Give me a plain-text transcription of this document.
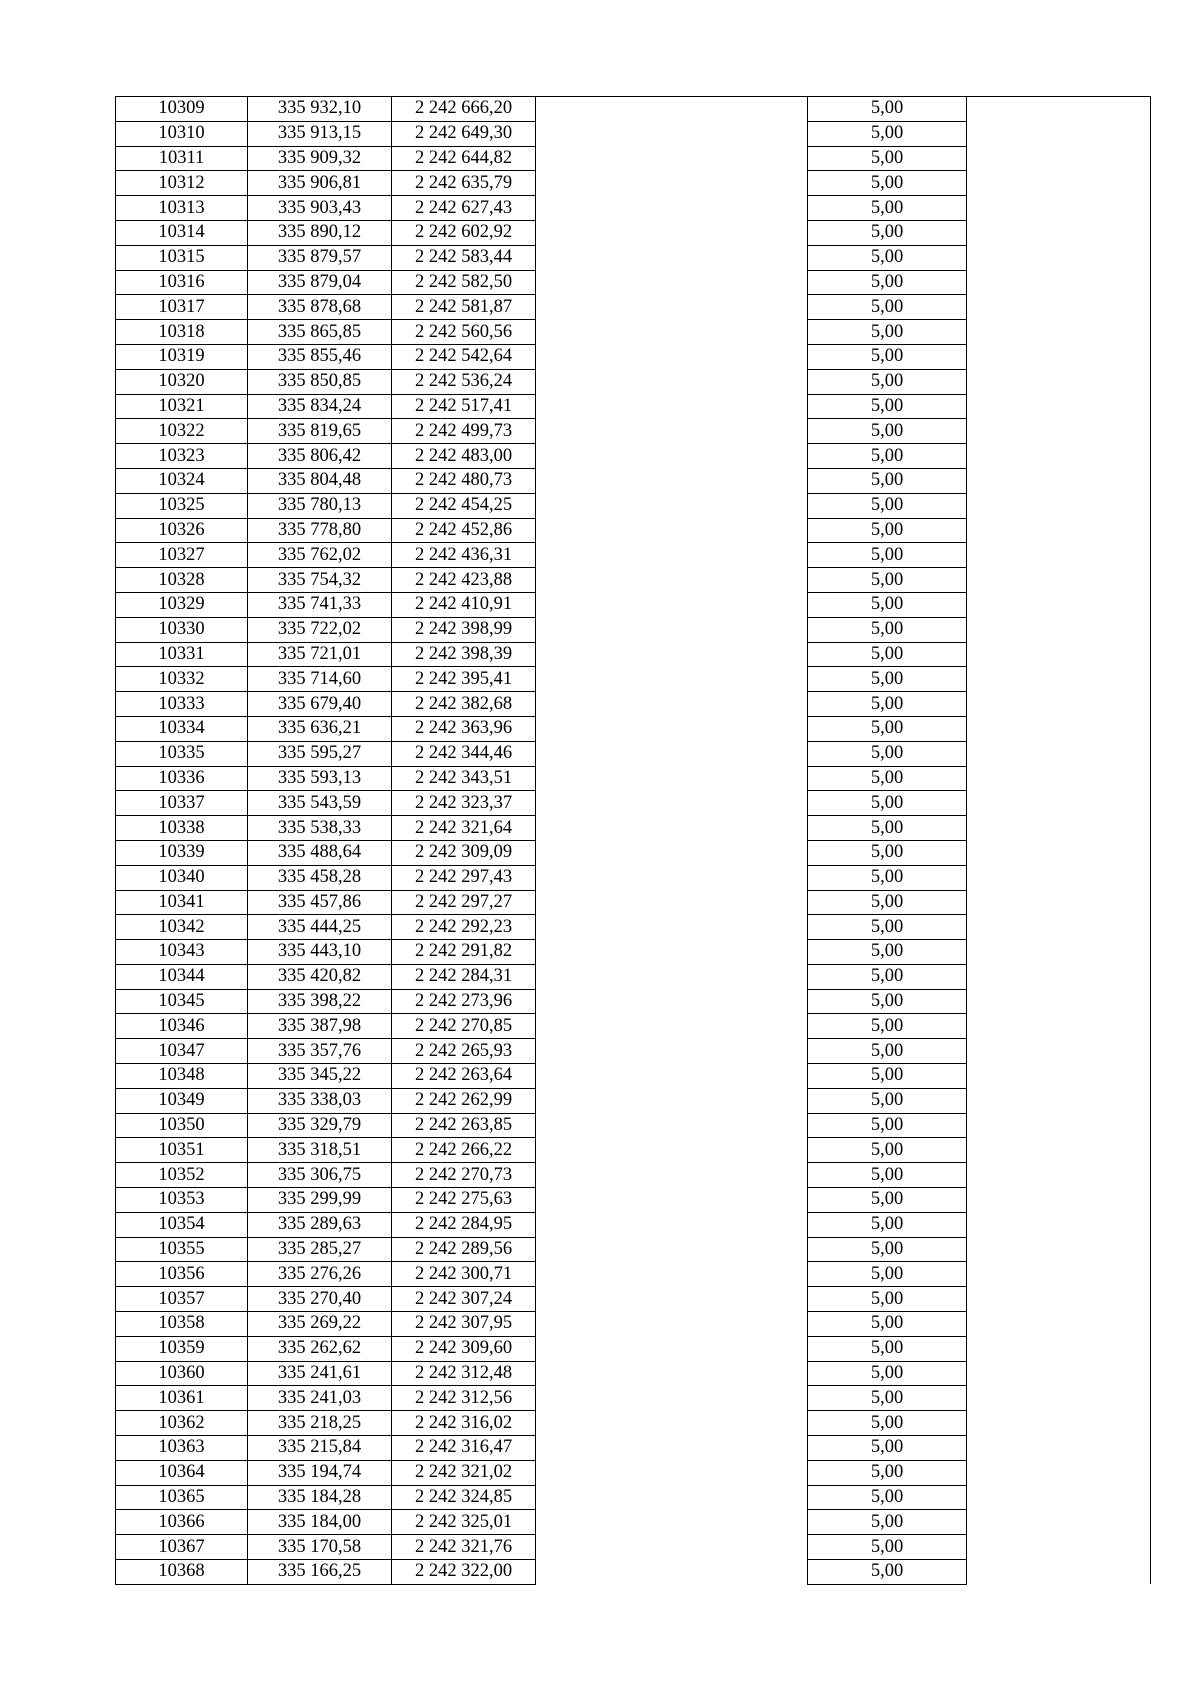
10309	335 932,10	2 242 666,20		5,00	
10310	335 913,15	2 242 649,30		5,00	
10311	335 909,32	2 242 644,82		5,00	
10312	335 906,81	2 242 635,79		5,00	
10313	335 903,43	2 242 627,43		5,00	
10314	335 890,12	2 242 602,92		5,00	
10315	335 879,57	2 242 583,44		5,00	
10316	335 879,04	2 242 582,50		5,00	
10317	335 878,68	2 242 581,87		5,00	
10318	335 865,85	2 242 560,56		5,00	
10319	335 855,46	2 242 542,64		5,00	
10320	335 850,85	2 242 536,24		5,00	
10321	335 834,24	2 242 517,41		5,00	
10322	335 819,65	2 242 499,73		5,00	
10323	335 806,42	2 242 483,00		5,00	
10324	335 804,48	2 242 480,73		5,00	
10325	335 780,13	2 242 454,25		5,00	
10326	335 778,80	2 242 452,86		5,00	
10327	335 762,02	2 242 436,31		5,00	
10328	335 754,32	2 242 423,88		5,00	
10329	335 741,33	2 242 410,91		5,00	
10330	335 722,02	2 242 398,99		5,00	
10331	335 721,01	2 242 398,39		5,00	
10332	335 714,60	2 242 395,41		5,00	
10333	335 679,40	2 242 382,68		5,00	
10334	335 636,21	2 242 363,96		5,00	
10335	335 595,27	2 242 344,46		5,00	
10336	335 593,13	2 242 343,51		5,00	
10337	335 543,59	2 242 323,37		5,00	
10338	335 538,33	2 242 321,64		5,00	
10339	335 488,64	2 242 309,09		5,00	
10340	335 458,28	2 242 297,43		5,00	
10341	335 457,86	2 242 297,27		5,00	
10342	335 444,25	2 242 292,23		5,00	
10343	335 443,10	2 242 291,82		5,00	
10344	335 420,82	2 242 284,31		5,00	
10345	335 398,22	2 242 273,96		5,00	
10346	335 387,98	2 242 270,85		5,00	
10347	335 357,76	2 242 265,93		5,00	
10348	335 345,22	2 242 263,64		5,00	
10349	335 338,03	2 242 262,99		5,00	
10350	335 329,79	2 242 263,85		5,00	
10351	335 318,51	2 242 266,22		5,00	
10352	335 306,75	2 242 270,73		5,00	
10353	335 299,99	2 242 275,63		5,00	
10354	335 289,63	2 242 284,95		5,00	
10355	335 285,27	2 242 289,56		5,00	
10356	335 276,26	2 242 300,71		5,00	
10357	335 270,40	2 242 307,24		5,00	
10358	335 269,22	2 242 307,95		5,00	
10359	335 262,62	2 242 309,60		5,00	
10360	335 241,61	2 242 312,48		5,00	
10361	335 241,03	2 242 312,56		5,00	
10362	335 218,25	2 242 316,02		5,00	
10363	335 215,84	2 242 316,47		5,00	
10364	335 194,74	2 242 321,02		5,00	
10365	335 184,28	2 242 324,85		5,00	
10366	335 184,00	2 242 325,01		5,00	
10367	335 170,58	2 242 321,76		5,00	
10368	335 166,25	2 242 322,00		5,00	
